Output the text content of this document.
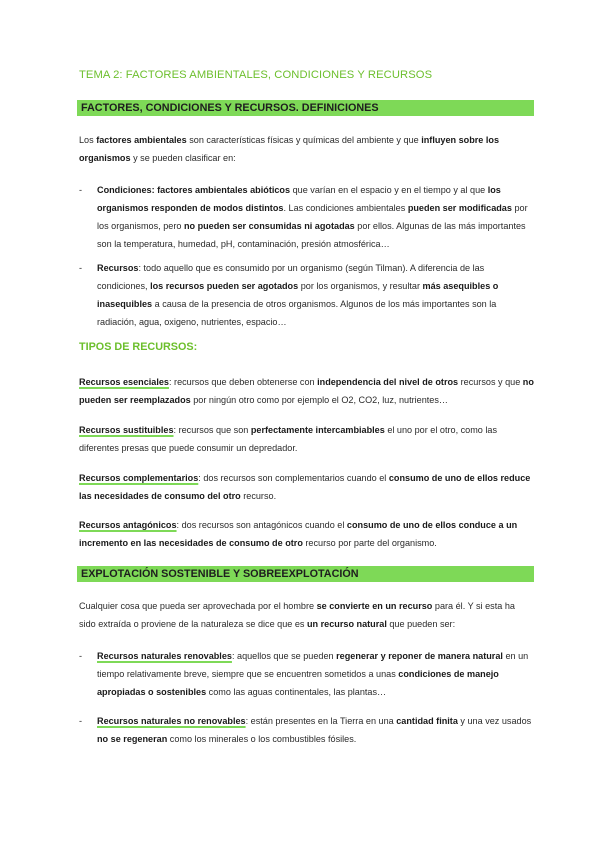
TEMA 2: FACTORES AMBIENTALES, CONDICIONES Y RECURSOS
FACTORES, CONDICIONES Y RECURSOS. DEFINICIONES
Los factores ambientales son características físicas y químicas del ambiente y que influyen sobre los organismos y se pueden clasificar en:
- Condiciones: factores ambientales abióticos que varían en el espacio y en el tiempo y al que los organismos responden de modos distintos. Las condiciones ambientales pueden ser modificadas por los organismos, pero no pueden ser consumidas ni agotadas por ellos. Algunas de las más importantes son la temperatura, humedad, pH, contaminación, presión atmosférica…
- Recursos: todo aquello que es consumido por un organismo (según Tilman). A diferencia de las condiciones, los recursos pueden ser agotados por los organismos, y resultar más asequibles o inasequibles a causa de la presencia de otros organismos. Algunos de los más importantes son la radiación, agua, oxigeno, nutrientes, espacio…
TIPOS DE RECURSOS:
Recursos esenciales: recursos que deben obtenerse con independencia del nivel de otros recursos y que no pueden ser reemplazados por ningún otro como por ejemplo el O2, CO2, luz, nutrientes…
Recursos sustituibles: recursos que son perfectamente intercambiables el uno por el otro, como las diferentes presas que puede consumir un depredador.
Recursos complementarios: dos recursos son complementarios cuando el consumo de uno de ellos reduce las necesidades de consumo del otro recurso.
Recursos antagónicos: dos recursos son antagónicos cuando el consumo de uno de ellos conduce a un incremento en las necesidades de consumo de otro recurso por parte del organismo.
EXPLOTACIÓN SOSTENIBLE Y SOBREEXPLOTACIÓN
Cualquier cosa que pueda ser aprovechada por el hombre se convierte en un recurso para él. Y si esta ha sido extraída o proviene de la naturaleza se dice que es un recurso natural que pueden ser:
- Recursos naturales renovables: aquellos que se pueden regenerar y reponer de manera natural en un tiempo relativamente breve, siempre que se encuentren sometidos a unas condiciones de manejo apropiadas o sostenibles como las aguas continentales, las plantas…
- Recursos naturales no renovables: están presentes en la Tierra en una cantidad finita y una vez usados no se regeneran como los minerales o los combustibles fósiles.
